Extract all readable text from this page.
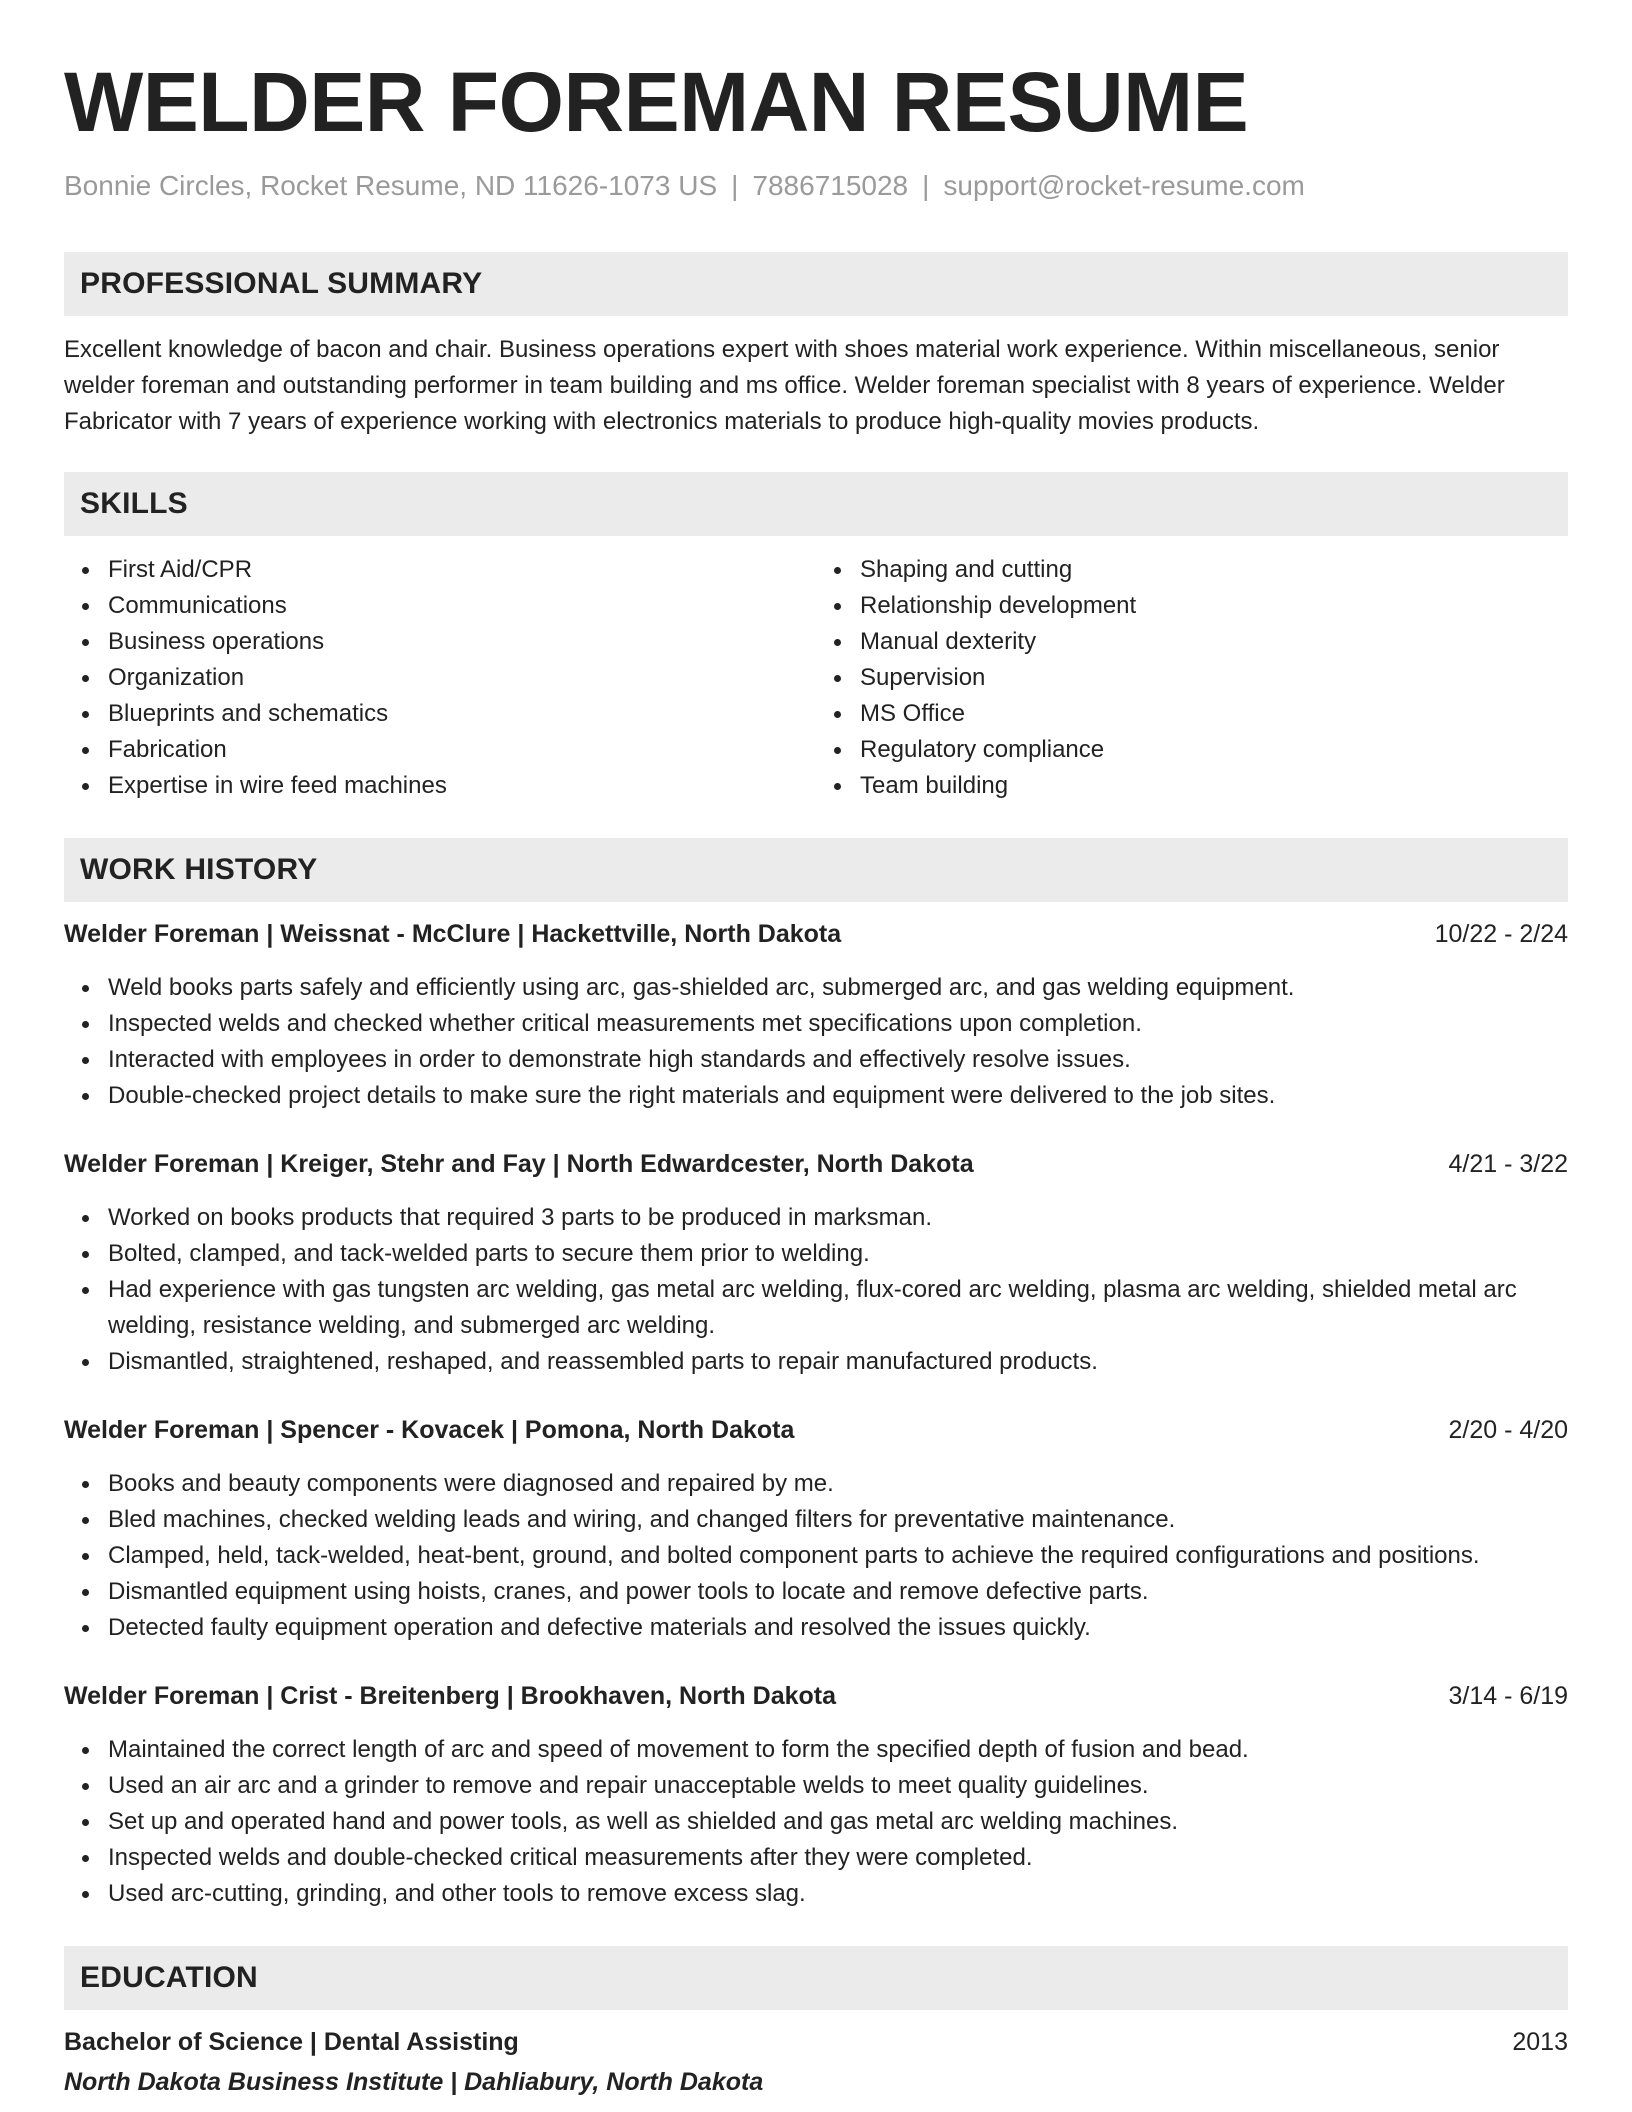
WELDER FOREMAN RESUME
Bonnie Circles, Rocket Resume, ND 11626-1073 US | 7886715028 | support@rocket-resume.com
PROFESSIONAL SUMMARY

Excellent knowledge of bacon and chair. Business operations expert with shoes material work experience. Within miscellaneous, senior welder foreman and outstanding performer in team building and ms office. Welder foreman specialist with 8 years of experience. Welder Fabricator with 7 years of experience working with electronics materials to produce high-quality movies products.

SKILLS
First Aid/CPR
Communications
Business operations
Organization
Blueprints and schematics
Fabrication
Expertise in wire feed machines
Shaping and cutting
Relationship development
Manual dexterity
Supervision
MS Office
Regulatory compliance
Team building
WORK HISTORY
Welder Foreman | Weissnat - McClure | Hackettville, North Dakota	10/22 - 2/24
Weld books parts safely and efficiently using arc, gas-shielded arc, submerged arc, and gas welding equipment.
Inspected welds and checked whether critical measurements met specifications upon completion.
Interacted with employees in order to demonstrate high standards and effectively resolve issues.
Double-checked project details to make sure the right materials and equipment were delivered to the job sites.
Welder Foreman | Kreiger, Stehr and Fay | North Edwardcester, North Dakota	4/21 - 3/22
Worked on books products that required 3 parts to be produced in marksman.
Bolted, clamped, and tack-welded parts to secure them prior to welding.
Had experience with gas tungsten arc welding, gas metal arc welding, flux-cored arc welding, plasma arc welding, shielded metal arc welding, resistance welding, and submerged arc welding.
Dismantled, straightened, reshaped, and reassembled parts to repair manufactured products.
Welder Foreman | Spencer - Kovacek | Pomona, North Dakota	2/20 - 4/20
Books and beauty components were diagnosed and repaired by me.
Bled machines, checked welding leads and wiring, and changed filters for preventative maintenance.
Clamped, held, tack-welded, heat-bent, ground, and bolted component parts to achieve the required configurations and positions.
Dismantled equipment using hoists, cranes, and power tools to locate and remove defective parts.
Detected faulty equipment operation and defective materials and resolved the issues quickly.
Welder Foreman | Crist - Breitenberg | Brookhaven, North Dakota	3/14 - 6/19
Maintained the correct length of arc and speed of movement to form the specified depth of fusion and bead.
Used an air arc and a grinder to remove and repair unacceptable welds to meet quality guidelines.
Set up and operated hand and power tools, as well as shielded and gas metal arc welding machines.
Inspected welds and double-checked critical measurements after they were completed.
Used arc-cutting, grinding, and other tools to remove excess slag.
EDUCATION
Bachelor of Science | Dental Assisting	2013
North Dakota Business Institute | Dahliabury, North Dakota
